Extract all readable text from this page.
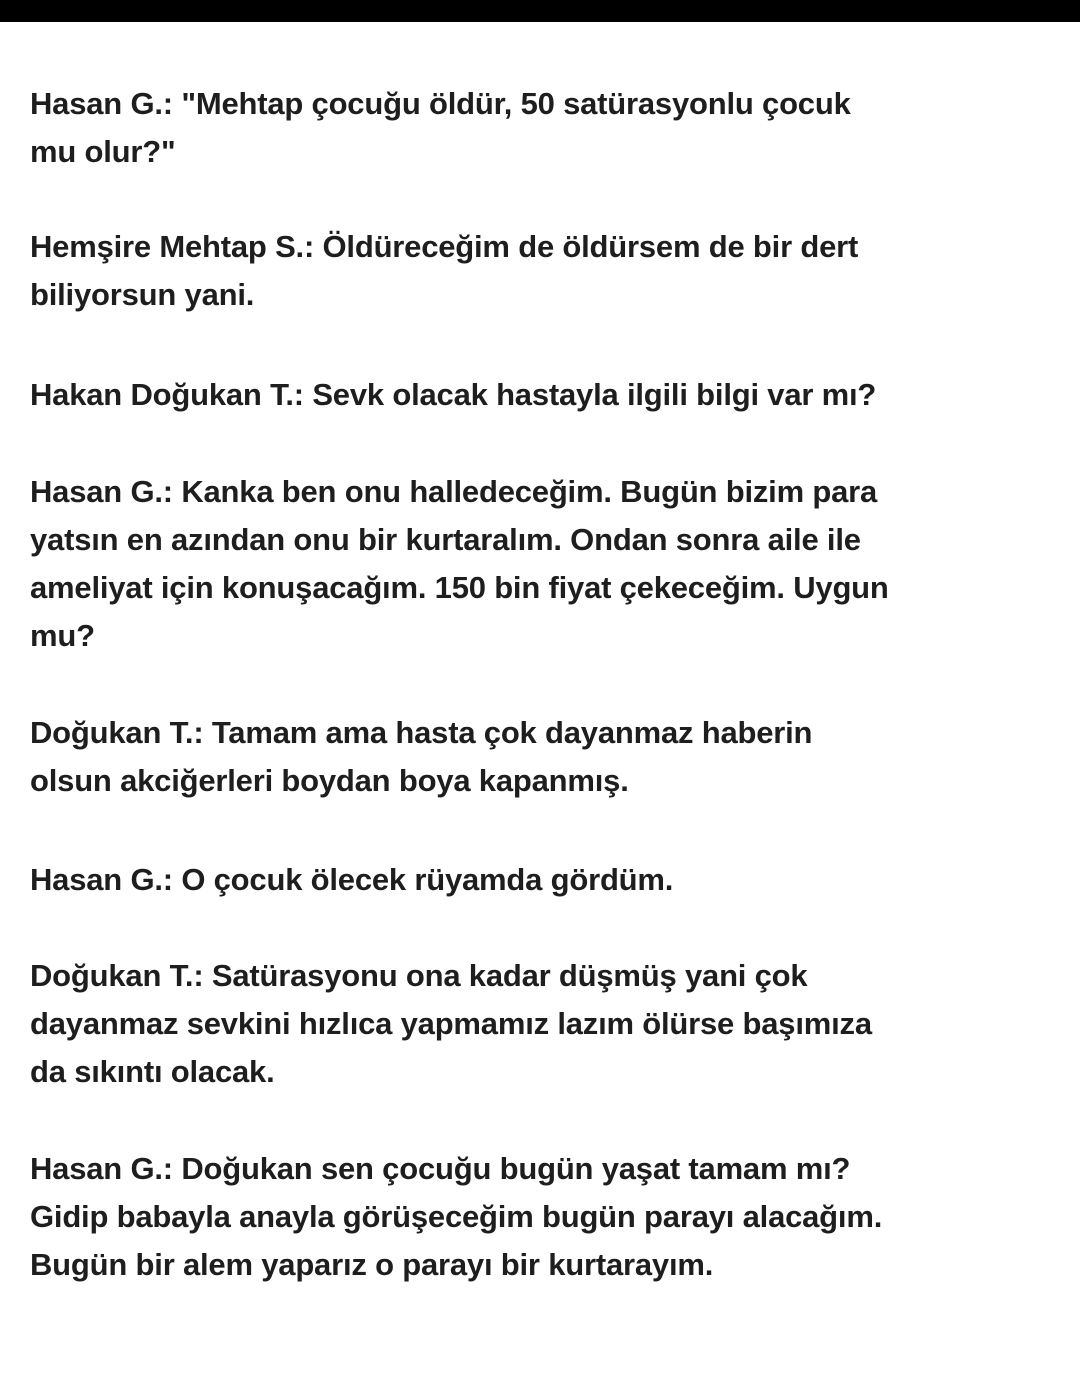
Hasan G.: "Mehtap çocuğu öldür, 50 satürasyonlu çocuk
mu olur?"
Hemşire Mehtap S.: Öldüreceğim de öldürsem de bir dert
biliyorsun yani.
Hakan Doğukan T.: Sevk olacak hastayla ilgili bilgi var mı?
Hasan G.: Kanka ben onu halledeceğim. Bugün bizim para
yatsın en azından onu bir kurtaralım. Ondan sonra aile ile
ameliyat için konuşacağım. 150 bin fiyat çekeceğim. Uygun
mu?
Doğukan T.: Tamam ama hasta çok dayanmaz haberin
olsun akciğerleri boydan boya kapanmış.
Hasan G.: O çocuk ölecek rüyamda gördüm.
Doğukan T.: Satürasyonu ona kadar düşmüş yani çok
dayanmaz sevkini hızlıca yapmamız lazım ölürse başımıza
da sıkıntı olacak.
Hasan G.: Doğukan sen çocuğu bugün yaşat tamam mı?
Gidip babayla anayla görüşeceğim bugün parayı alacağım.
Bugün bir alem yaparız o parayı bir kurtarayım.
